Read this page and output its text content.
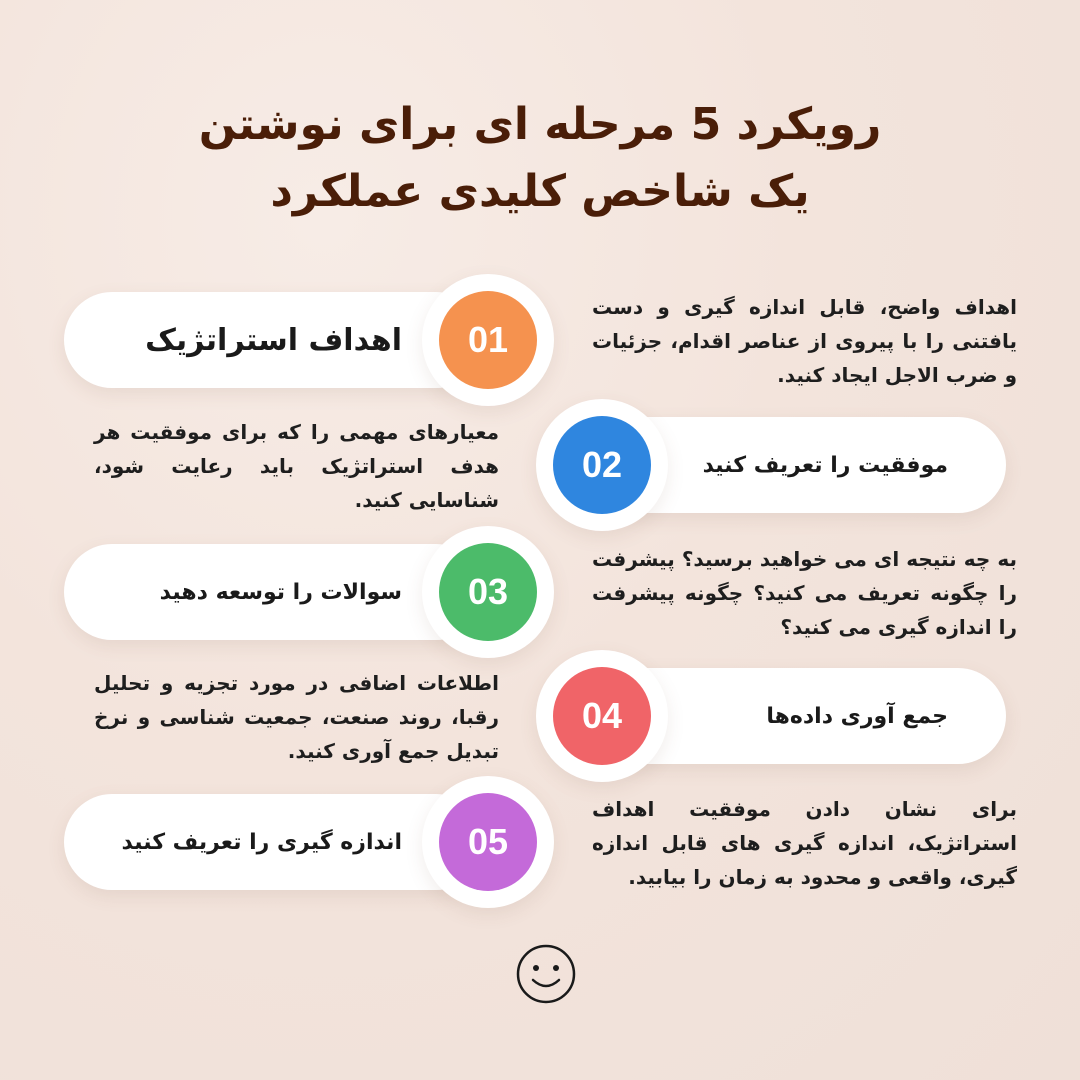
رویکرد 5 مرحله ای برای نوشتن
یک شاخص کلیدی عملکرد
اهداف استراتژیک	01
اهداف واضح، قابل اندازه گیری و دست یافتنی را با پیروی از عناصر اقدام، جزئیات و ضرب الاجل ایجاد کنید.
موفقیت را تعریف کنید
02
معیارهای مهمی را که برای موفقیت هر هدف استراتژیک باید رعایت شود، شناسایی کنید.
سوالات را توسعه دهید	03
به چه نتیجه ای می خواهید برسید؟ پیشرفت را چگونه تعریف می کنید؟ چگونه پیشرفت را اندازه گیری می کنید؟
جمع آوری داده‌ها
04
اطلاعات اضافی در مورد تجزیه و تحلیل رقبا، روند صنعت، جمعیت شناسی و نرخ تبدیل جمع آوری کنید.
اندازه گیری را تعریف کنید	05
برای نشان دادن موفقیت اهداف استراتژیک، اندازه گیری های قابل اندازه گیری، واقعی و محدود به زمان را بیابید.
